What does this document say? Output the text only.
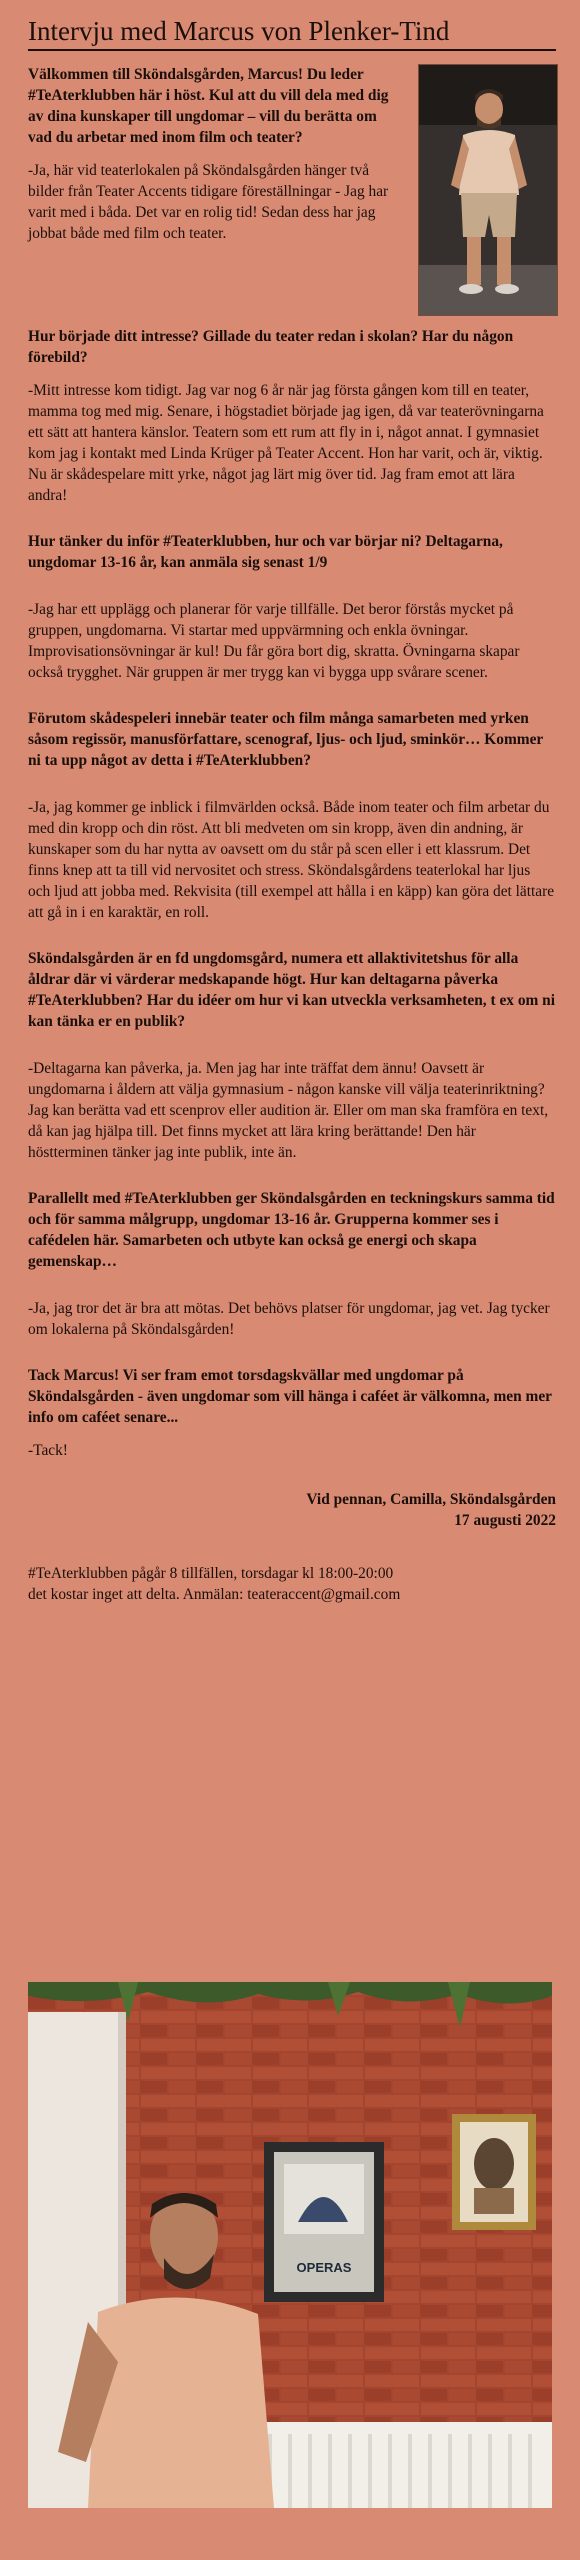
Intervju med Marcus von Plenker-Tind

Välkommen till Sköndalsgården, Marcus! Du leder #TeAterklubben här i höst. Kul att du vill dela med dig av dina kunskaper till ungdomar – vill du berätta om vad du arbetar med inom film och teater?

-Ja, här vid teaterlokalen på Sköndalsgården hänger två bilder från Teater Accents tidigare föreställningar - Jag har varit med i båda. Det var en rolig tid! Sedan dess har jag jobbat både med film och teater.

Hur började ditt intresse? Gillade du teater redan i skolan? Har du någon förebild?

-Mitt intresse kom tidigt. Jag var nog 6 år när jag första gången kom till en teater, mamma tog med mig. Senare, i högstadiet började jag igen, då var teaterövningarna ett sätt att hantera känslor. Teatern som ett rum att fly in i, något annat. I gymnasiet kom jag i kontakt med Linda Krüger på Teater Accent. Hon har varit, och är, viktig. Nu är skådespelare mitt yrke, något jag lärt mig över tid. Jag fram emot att lära andra!

Hur tänker du inför #Teaterklubben, hur och var börjar ni? Deltagarna, ungdomar 13-16 år, kan anmäla sig senast 1/9

-Jag har ett upplägg och planerar för varje tillfälle. Det beror förstås mycket på gruppen, ungdomarna. Vi startar med uppvärmning och enkla övningar. Improvisationsövningar är kul! Du får göra bort dig, skratta. Övningarna skapar också trygghet. När gruppen är mer trygg kan vi bygga upp svårare scener.

Förutom skådespeleri innebär teater och film många samarbeten med yrken såsom regissör, manusförfattare, scenograf, ljus- och ljud, sminkör… Kommer ni ta upp något av detta i #TeAterklubben?

-Ja, jag kommer ge inblick i filmvärlden också. Både inom teater och film arbetar du med din kropp och din röst. Att bli medveten om sin kropp, även din andning, är kunskaper som du har nytta av oavsett om du står på scen eller i ett klassrum. Det finns knep att ta till vid nervositet och stress. Sköndalsgårdens teaterlokal har ljus och ljud att jobba med. Rekvisita (till exempel att hålla i en käpp) kan göra det lättare att gå in i en karaktär, en roll.

Sköndalsgården är en fd ungdomsgård, numera ett allaktivitetshus för alla åldrar där vi värderar medskapande högt. Hur kan deltagarna påverka #TeAterklubben? Har du idéer om hur vi kan utveckla verksamheten, t ex om ni kan tänka er en publik?

-Deltagarna kan påverka, ja. Men jag har inte träffat dem ännu! Oavsett är ungdomarna i åldern att välja gymnasium - någon kanske vill välja teaterinriktning? Jag kan berätta vad ett scenprov eller audition är. Eller om man ska framföra en text, då kan jag hjälpa till. Det finns mycket att lära kring berättande! Den här höstterminen tänker jag inte publik, inte än.

Parallellt med #TeAterklubben ger Sköndalsgården en teckningskurs samma tid och för samma målgrupp, ungdomar 13-16 år. Grupperna kommer ses i cafédelen här. Samarbeten och utbyte kan också ge energi och skapa gemenskap…

-Ja, jag tror det är bra att mötas. Det behövs platser för ungdomar, jag vet. Jag tycker om lokalerna på Sköndalsgården!

Tack Marcus! Vi ser fram emot torsdagskvällar med ungdomar på Sköndalsgården - även ungdomar som vill hänga i caféet är välkomna, men mer info om caféet senare...

-Tack!

Vid pennan, Camilla, Sköndalsgården
17 augusti 2022
#TeAterklubben pågår 8 tillfällen, torsdagar kl 18:00-20:00
det kostar inget att delta. Anmälan: teateraccent@gmail.com
OPERAS
